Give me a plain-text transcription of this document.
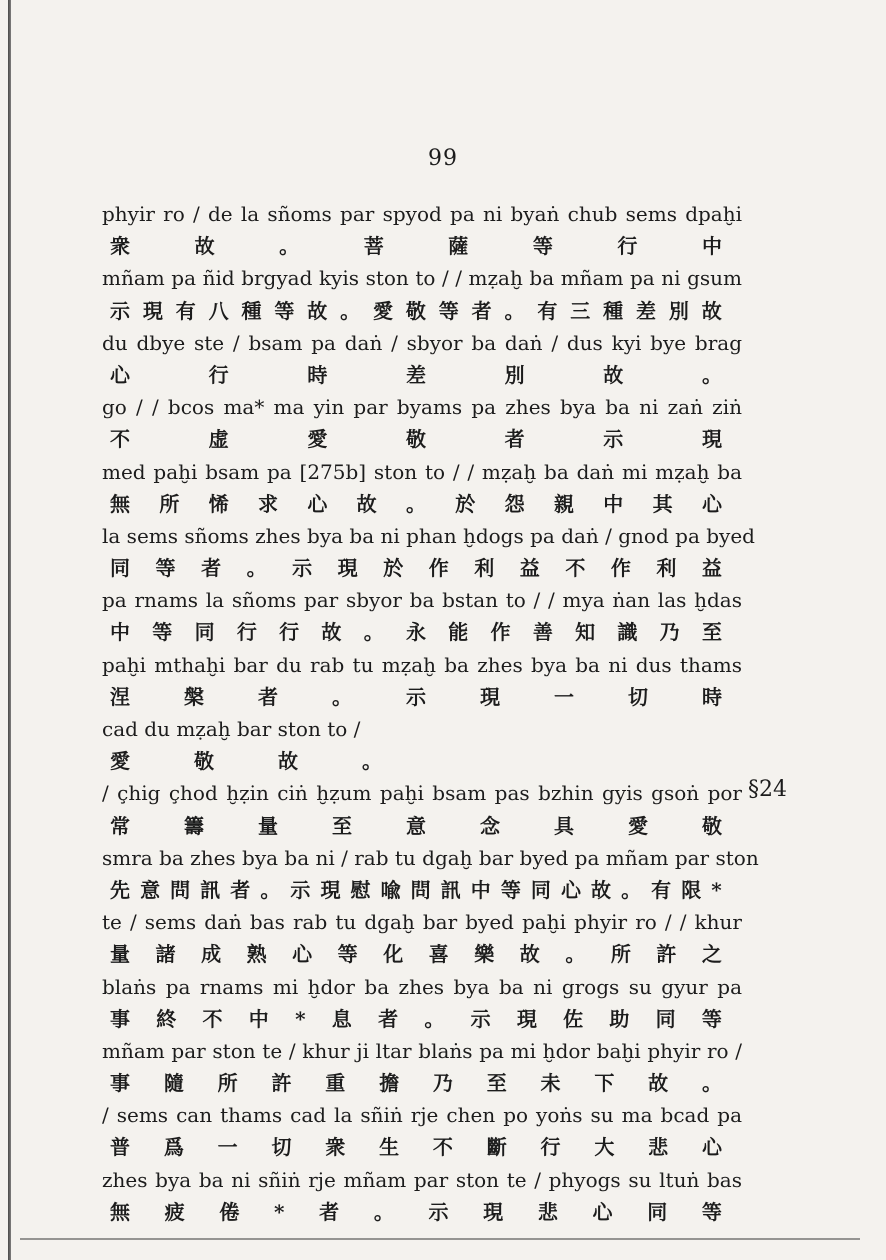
99
§24
phyir ro / de la sñoms par spyod pa ni byaṅ chub sems dpaḫi
衆	故	。	菩	薩	等	行	中
mñam pa ñid brgyad kyis ston to / / mẓaḫ ba mñam pa ni gsum
示 現 有 八 種 等 故 。 愛 敬 等 者 。 有 三 種 差 別 故
du dbye ste / bsam pa daṅ / sbyor ba daṅ / dus kyi bye brag
心	行	時	差	別	故	。
go / / bcos ma* ma yin par byams pa zhes bya ba ni zaṅ ziṅ
不	虚	愛	敬	者	示	現
med paḫi bsam pa [275b] ston to / / mẓaḫ ba daṅ mi mẓaḫ ba
無 所 悕 求 心 故 。 於 怨 親 中 其 心
la sems sñoms zhes bya ba ni phan ḫdogs pa daṅ / gnod pa byed
同 等 者 。 示 現 於 作 利 益 不 作 利 益
pa rnams la sñoms par sbyor ba bstan to / / mya ṅan las ḫdas
中 等 同 行 行 故 。 永 能 作 善 知 識 乃 至
paḫi mthaḫi bar du rab tu mẓaḫ ba zhes bya ba ni dus thams
涅	槃	者	。	示	現	一	切	時
cad du mẓaḫ bar ston to /
愛	敬	故	。
/ çhig çhod ḫẓin ciṅ ḫẓum paḫi bsam pas bzhin gyis gsoṅ por
常	籌	量	至	意	念	具	愛	敬
smra ba zhes bya ba ni / rab tu dgaḫ bar byed pa mñam par ston
先 意 問 訊 者 。 示 現 慰 喩 問 訊 中 等 同 心 故 。 有 限 *
te / sems daṅ bas rab tu dgaḫ bar byed paḫi phyir ro / / khur
量 諸 成 熟 心 等 化 喜 樂 故 。 所 許 之
blaṅs pa rnams mi ḫdor ba zhes bya ba ni grogs su gyur pa
事 終 不 中 * 息 者 。 示 現 佐 助 同 等
mñam par ston te / khur ji ltar blaṅs pa mi ḫdor baḫi phyir ro /
事 隨 所 許 重 擔 乃 至 未 下 故 。
/ sems can thams cad la sñiṅ rje chen po yoṅs su ma bcad pa
普 爲 一 切 衆 生 不 斷 行 大 悲 心
zhes bya ba ni sñiṅ rje mñam par ston te / phyogs su ltuṅ bas
無 疲 倦 * 者 。 示 現 悲 心 同 等
